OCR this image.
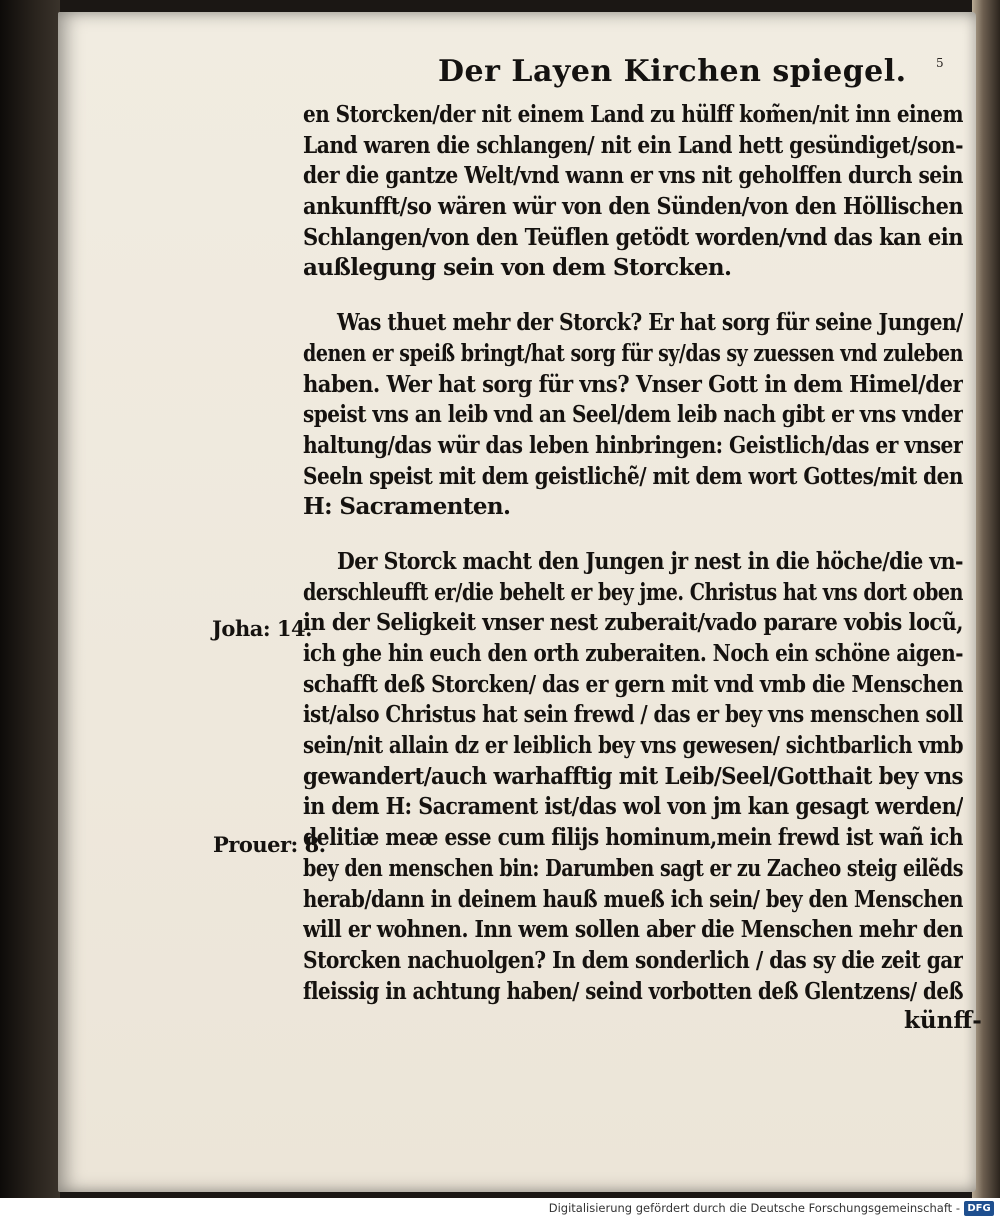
5
Der Layen Kirchen spiegel.
en Storcken/der nit einem Land zu hülff kom̃en/nit inn einem
Land waren die schlangen/ nit ein Land hett gesündiget/son-
der die gantze Welt/vnd wann er vns nit geholffen durch sein
ankunfft/so wären wür von den Sünden/von den Höllischen
Schlangen/von den Teüflen getödt worden/vnd das kan ein
außlegung sein von dem Storcken.
Was thuet mehr der Storck? Er hat sorg für seine Jungen/
denen er speiß bringt/hat sorg für sy/das sy zuessen vnd zuleben
haben. Wer hat sorg für vns? Vnser Gott in dem Himel/der
speist vns an leib vnd an Seel/dem leib nach gibt er vns vnder
haltung/das wür das leben hinbringen: Geistlich/das er vnser
Seeln speist mit dem geistlichẽ/ mit dem wort Gottes/mit den
H: Sacramenten.
Der Storck macht den Jungen jr nest in die höche/die vn-
derschleufft er/die behelt er bey jme. Christus hat vns dort oben
in der Seligkeit vnser nest zuberait/vado parare vobis locũ,
ich ghe hin euch den orth zuberaiten. Noch ein schöne aigen-
schafft deß Storcken/ das er gern mit vnd vmb die Menschen
ist/also Christus hat sein frewd / das er bey vns menschen soll
sein/nit allain dz er leiblich bey vns gewesen/ sichtbarlich vmb
gewandert/auch warhafftig mit Leib/Seel/Gotthait bey vns
in dem H: Sacrament ist/das wol von jm kan gesagt werden/
delitiæ meæ esse cum filijs hominum,mein frewd ist wañ ich
bey den menschen bin: Darumben sagt er zu Zacheo steig eilẽds
herab/dann in deinem hauß mueß ich sein/ bey den Menschen
will er wohnen. Inn wem sollen aber die Menschen mehr den
Storcken nachuolgen? In dem sonderlich / das sy die zeit gar
fleissig in achtung haben/ seind vorbotten deß Glentzens/ deß
Joha: 14.
Prouer: 8.
künff-
Digitalisierung gefördert durch die Deutsche Forschungsgemeinschaft - DFG
